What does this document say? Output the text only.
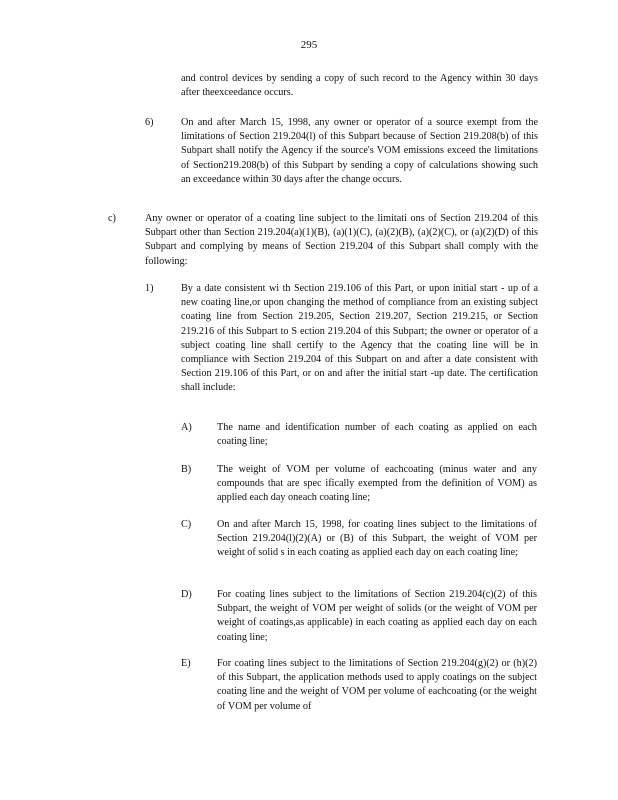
295

and control devices by sending a copy of such record to the Agency within 30 days after theexceedance occurs.

6)	On and after March 15, 1998, any owner or operator of a source exempt from the limitations of Section 219.204(l) of this Subpart because of Section 219.208(b) of this Subpart shall notify the Agency if the source's VOM emissions exceed the limitations of Section219.208(b) of this Subpart by sending a copy of calculations showing such an exceedance within 30 days after the change occurs.

c)	Any owner or operator of a coating line subject to the limitati ons of Section 219.204 of this Subpart other than Section 219.204(a)(1)(B), (a)(1)(C), (a)(2)(B), (a)(2)(C), or (a)(2)(D) of this Subpart and complying by means of Section 219.204 of this Subpart shall comply with the following:

1)	By a date consistent wi th Section 219.106 of this Part, or upon initial start - up of a new coating line,or upon changing the method of compliance from an existing subject coating line from Section 219.205, Section 219.207, Section 219.215, or Section 219.216 of this Subpart to S ection 219.204 of this Subpart; the owner or operator of a subject coating line shall certify to the Agency that the coating line will be in compliance with Section 219.204 of this Subpart on and after a date consistent with Section 219.106 of this Part, or on and after the initial start -up date. The certification shall include:

A) The name and identification number of each coating as applied on each coating line;

B)	The weight of VOM per volume of eachcoating (minus water and any compounds that are spec ifically exempted from the definition of VOM) as applied each day oneach coating line;

C)	On and after March 15, 1998, for coating lines subject to the limitations of Section 219.204(l)(2)(A) or (B) of this Subpart, the weight of VOM per weight of solid s in each coating as applied each day on each coating line;

D) For coating lines subject to the limitations of Section 219.204(c)(2) of this Subpart, the weight of VOM per weight of solids (or the weight of VOM per weight of coatings,as applicable) in each coating as applied each day on each coating line;

E)	For coating lines subject to the limitations of Section 219.204(g)(2) or (h)(2) of this Subpart, the application methods used to apply coatings on the subject coating line and the weight of VOM per volume of eachcoating (or the weight of VOM per volume of
